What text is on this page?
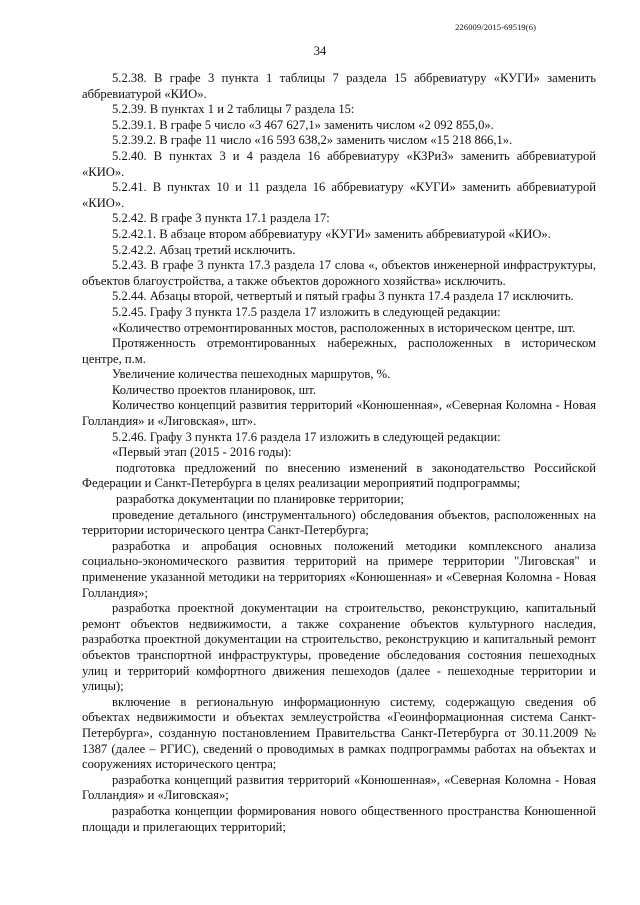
226009/2015-69519(6)
34

5.2.38. В графе 3 пункта 1 таблицы 7 раздела 15 аббревиатуру «КУГИ» заменить аббревиатурой «КИО».

5.2.39. В пунктах 1 и 2 таблицы 7 раздела 15:

5.2.39.1. В графе 5 число «3 467 627,1» заменить числом «2 092 855,0».

5.2.39.2. В графе 11 число «16 593 638,2» заменить числом «15 218 866,1».

5.2.40. В пунктах 3 и 4 раздела 16 аббревиатуру «КЗРиЗ» заменить аббревиатурой «КИО».

5.2.41. В пунктах 10 и 11 раздела 16 аббревиатуру «КУГИ» заменить аббревиатурой «КИО».

5.2.42. В графе 3 пункта 17.1 раздела 17:

5.2.42.1. В абзаце втором аббревиатуру «КУГИ» заменить аббревиатурой «КИО».

5.2.42.2. Абзац третий исключить.

5.2.43. В графе 3 пункта 17.3 раздела 17 слова «, объектов инженерной инфраструктуры, объектов благоустройства, а также объектов дорожного хозяйства» исключить.

5.2.44. Абзацы второй, четвертый и пятый графы 3 пункта 17.4 раздела 17 исключить.

5.2.45. Графу 3 пункта 17.5 раздела 17 изложить в следующей редакции:

«Количество отремонтированных мостов, расположенных в историческом центре, шт.

Протяженность отремонтированных набережных, расположенных в историческом центре, п.м.

Увеличение количества пешеходных маршрутов, %.

Количество проектов планировок, шт.

Количество концепций развития территорий «Конюшенная», «Северная Коломна - Новая Голландия» и «Лиговская», шт».

5.2.46. Графу 3 пункта 17.6 раздела 17 изложить в следующей редакции:

«Первый этап (2015 - 2016 годы):

подготовка предложений по внесению изменений в законодательство Российской Федерации и Санкт-Петербурга в целях реализации мероприятий подпрограммы;

разработка документации по планировке территории;

проведение детального (инструментального) обследования объектов, расположенных на территории исторического центра Санкт-Петербурга;

разработка и апробация основных положений методики комплексного анализа социально-экономического развития территорий на примере территории "Лиговская" и применение указанной методики на территориях «Конюшенная» и «Северная Коломна - Новая Голландия»;

разработка проектной документации на строительство, реконструкцию, капитальный ремонт объектов недвижимости, а также сохранение объектов культурного наследия, разработка проектной документации на строительство, реконструкцию и капитальный ремонт объектов транспортной инфраструктуры, проведение обследования состояния пешеходных улиц и территорий комфортного движения пешеходов (далее - пешеходные территории и улицы);

включение в региональную информационную систему, содержащую сведения об объектах недвижимости и объектах землеустройства «Геоинформационная система Санкт-Петербурга», созданную постановлением Правительства Санкт-Петербурга от 30.11.2009 № 1387 (далее – РГИС), сведений о проводимых в рамках подпрограммы работах на объектах и сооружениях исторического центра;

разработка концепций развития территорий «Конюшенная», «Северная Коломна - Новая Голландия» и «Лиговская»;

разработка концепции формирования нового общественного пространства Конюшенной площади и прилегающих территорий;
